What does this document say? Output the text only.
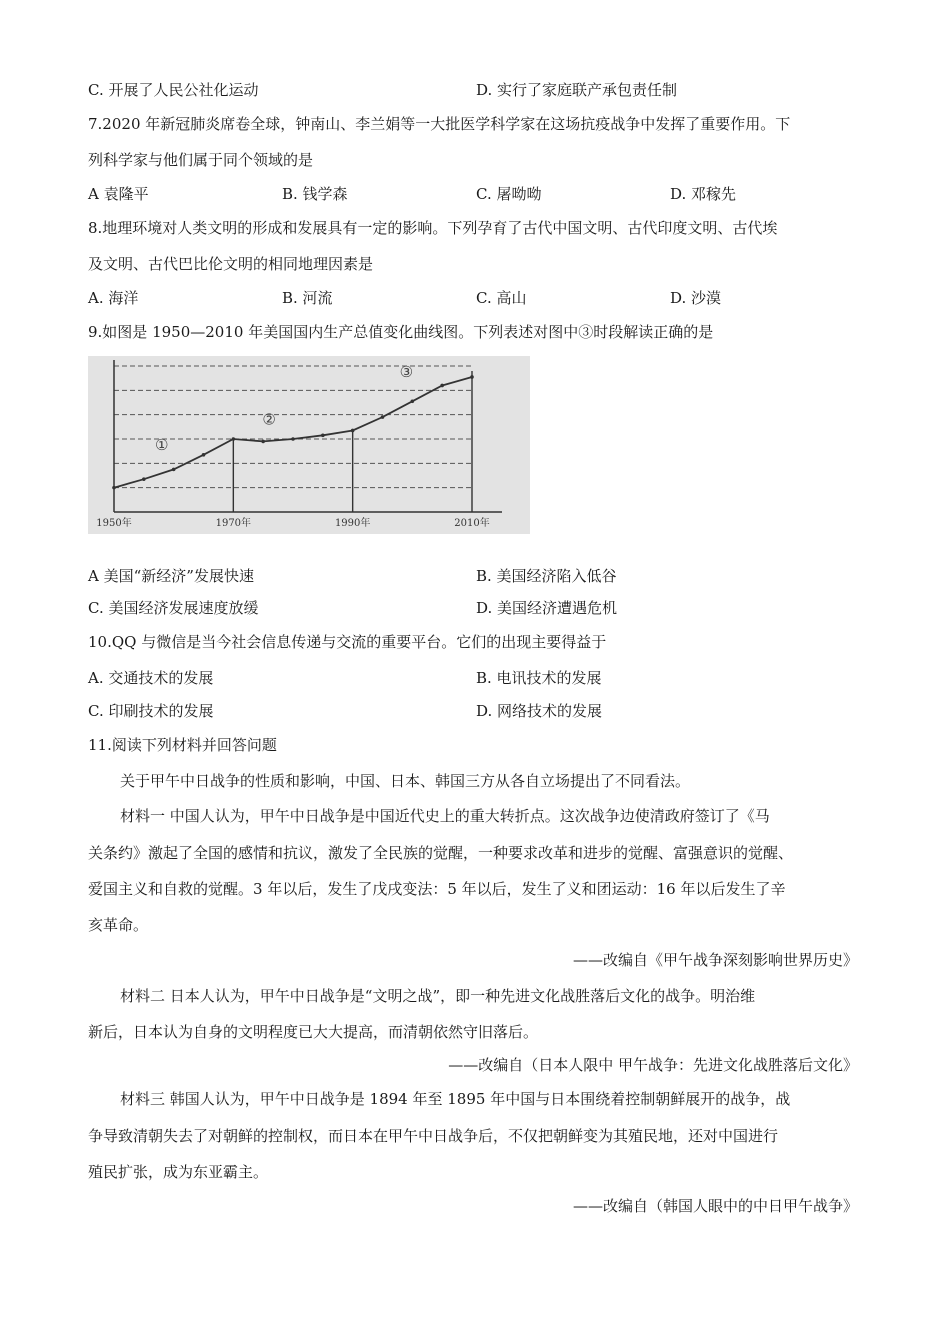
C. 开展了人民公社化运动	D. 实行了家庭联产承包责任制
7.2020 年新冠肺炎席卷全球，钟南山、李兰娟等一大批医学科学家在这场抗疫战争中发挥了重要作用。下
列科学家与他们属于同个领域的是
A 袁隆平	B. 钱学森	C. 屠呦呦	D. 邓稼先
8.地理环境对人类文明的形成和发展具有一定的影响。下列孕育了古代中国文明、古代印度文明、古代埃
及文明、古代巴比伦文明的相同地理因素是
A. 海洋	B. 河流	C. 高山	D. 沙漠
9.如图是 1950—2010 年美国国内生产总值变化曲线图。下列表述对图中③时段解读正确的是
1950年	1970年	1990年	2010年
①
②
③
A 美国“新经济”发展快速	B. 美国经济陷入低谷
C. 美国经济发展速度放缓	D. 美国经济遭遇危机
10.QQ 与微信是当今社会信息传递与交流的重要平台。它们的出现主要得益于
A. 交通技术的发展	B. 电讯技术的发展
C. 印刷技术的发展	D. 网络技术的发展
11.阅读下列材料并回答问题
关于甲午中日战争的性质和影响，中国、日本、韩国三方从各自立场提出了不同看法。
材料一 中国人认为，甲午中日战争是中国近代史上的重大转折点。这次战争边使清政府签订了《马
关条约》激起了全国的感情和抗议，激发了全民族的觉醒，一种要求改革和进步的觉醒、富强意识的觉醒、
爱国主义和自救的觉醒。3 年以后，发生了戊戌变法：5 年以后，发生了义和团运动：16 年以后发生了辛
亥革命。
——改编自《甲午战争深刻影响世界历史》
材料二 日本人认为，甲午中日战争是“文明之战”，即一种先进文化战胜落后文化的战争。明治维
新后，日本认为自身的文明程度已大大提高，而清朝依然守旧落后。
——改编自（日本人限中 甲午战争：先进文化战胜落后文化》
材料三 韩国人认为，甲午中日战争是 1894 年至 1895 年中国与日本围绕着控制朝鲜展开的战争，战
争导致清朝失去了对朝鲜的控制权，而日本在甲午中日战争后，不仅把朝鲜变为其殖民地，还对中国进行
殖民扩张，成为东亚霸主。
——改编自（韩国人眼中的中日甲午战争》
